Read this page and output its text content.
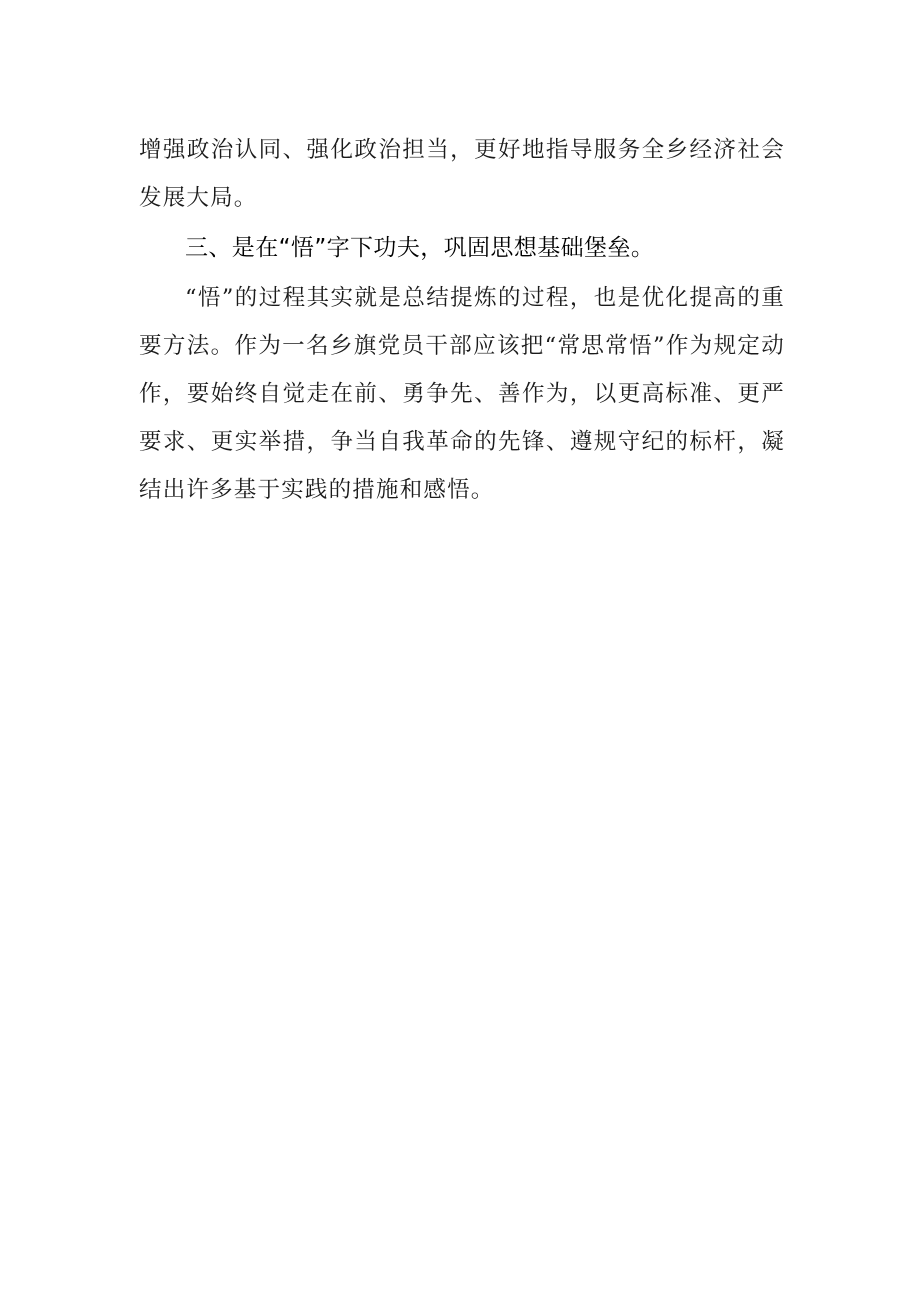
增强政治认同、强化政治担当，更好地指导服务全乡经济社会发展大局。

三、是在“悟”字下功夫，巩固思想基础堡垒。

“悟”的过程其实就是总结提炼的过程，也是优化提高的重要方法。作为一名乡旗党员干部应该把“常思常悟”作为规定动作，要始终自觉走在前、勇争先、善作为，以更高标准、更严要求、更实举措，争当自我革命的先锋、遵规守纪的标杆，凝结出许多基于实践的措施和感悟。
